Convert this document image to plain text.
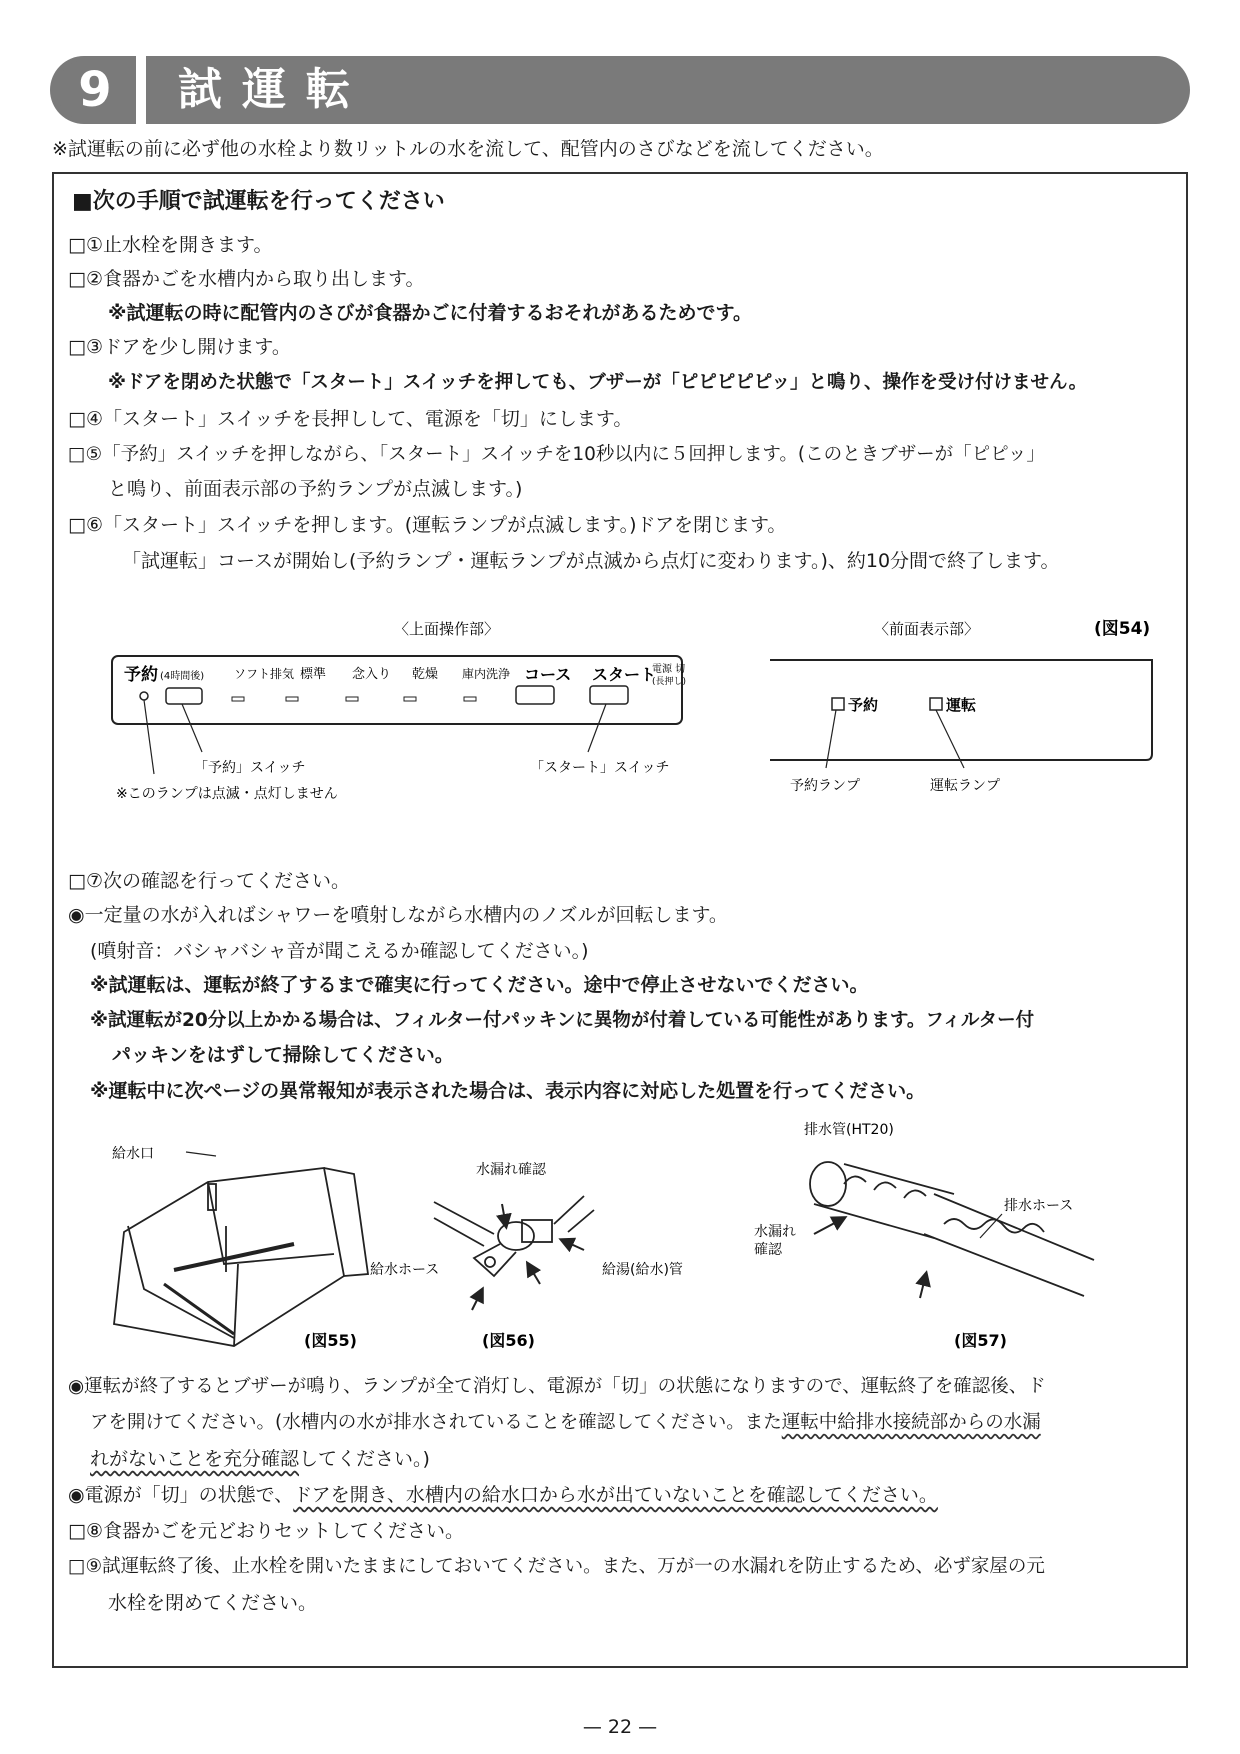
9	試運転
※試運転の前に必ず他の水栓より数リットルの水を流して、配管内のさびなどを流してください。
■次の手順で試運転を行ってください
□①止水栓を開きます。
□②食器かごを水槽内から取り出します。
※試運転の時に配管内のさびが食器かごに付着するおそれがあるためです。
□③ドアを少し開けます。
※ドアを閉めた状態で「スタート」スイッチを押しても、ブザーが「ピピピピピッ」と鳴り、操作を受け付けません。
□④「スタート」スイッチを長押しして、電源を「切」にします。
□⑤「予約」スイッチを押しながら、「スタート」スイッチを10秒以内に５回押します。(このときブザーが「ピピッ」
と鳴り、前面表示部の予約ランプが点滅します。)
□⑥「スタート」スイッチを押します。(運転ランプが点滅します。)ドアを閉じます。
「試運転」コースが開始し(予約ランプ・運転ランプが点滅から点灯に変わります。)、約10分間で終了します。
〈上面操作部〉	〈前面表示部〉	(図54)
予約 (4時間後) ソフト排気 標準 念入り 乾燥 庫内洗浄 コース スタート
電源 切
(長押し)
「予約」スイッチ	「スタート」スイッチ
※このランプは点滅・点灯しません
予約	運転
予約ランプ	運転ランプ
□⑦次の確認を行ってください。
◉一定量の水が入ればシャワーを噴射しながら水槽内のノズルが回転します。
(噴射音：バシャバシャ音が聞こえるか確認してください。)
※試運転は、運転が終了するまで確実に行ってください。途中で停止させないでください。
※試運転が20分以上かかる場合は、フィルター付パッキンに異物が付着している可能性があります。フィルター付
パッキンをはずして掃除してください。
※運転中に次ページの異常報知が表示された場合は、表示内容に対応した処置を行ってください。
給水口
(図55)
水漏れ確認
給水ホース	給湯(給水)管
(図56)
排水管(HT20)
排水ホース
水漏れ
確認
(図57)
◉運転が終了するとブザーが鳴り、ランプが全て消灯し、電源が「切」の状態になりますので、運転終了を確認後、ド
アを開けてください。(水槽内の水が排水されていることを確認してください。また運転中給排水接続部からの水漏
れがないことを充分確認してください。)
◉電源が「切」の状態で、ドアを開き、水槽内の給水口から水が出ていないことを確認してください。
□⑧食器かごを元どおりセットしてください。
□⑨試運転終了後、止水栓を開いたままにしておいてください。また、万が一の水漏れを防止するため、必ず家屋の元
水栓を閉めてください。
— 22 —
